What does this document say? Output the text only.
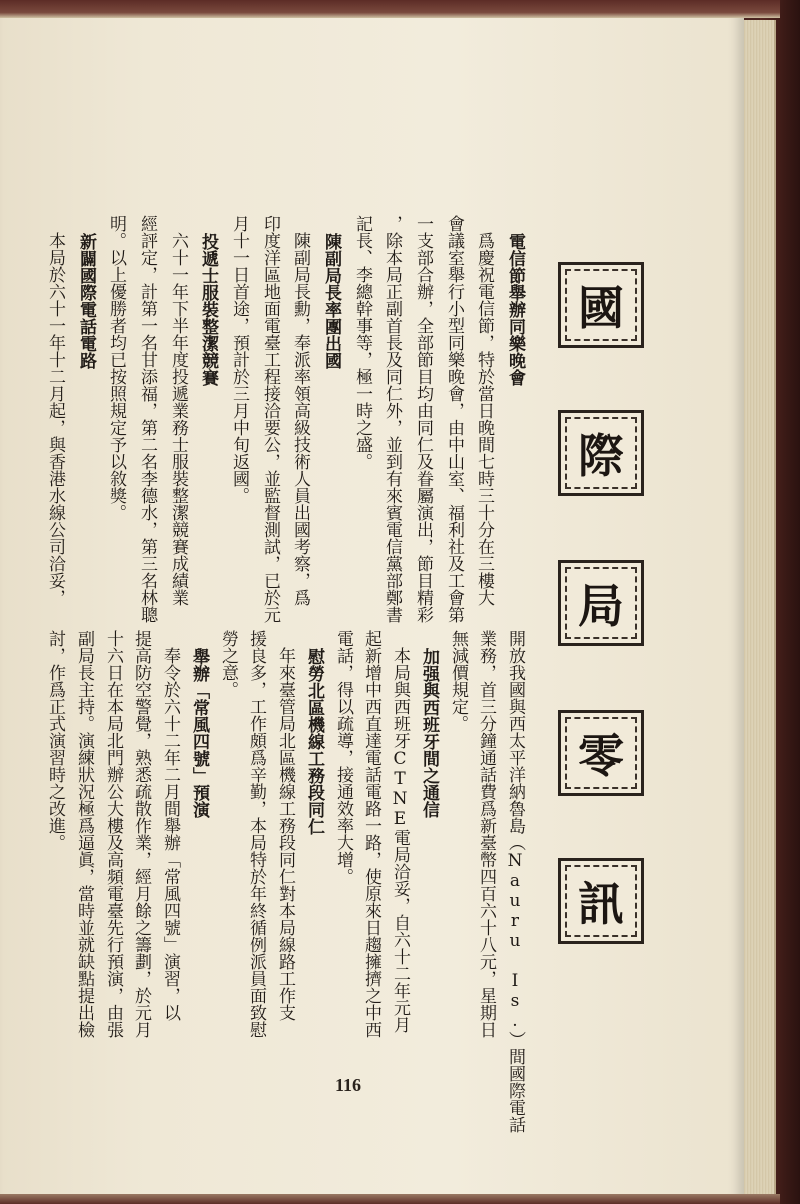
國
際
局
零
訊
電信節舉辦同樂晚會
　爲慶祝電信節，特於當日晚間七時三十分在三樓大
會議室舉行小型同樂晚會，由中山室、福利社及工會第
一支部合辦，全部節目均由同仁及眷屬演出，節目精彩
，除本局正副首長及同仁外，並到有來賓電信黨部鄭書
記長、李總幹事等，極一時之盛。
陳副局長率團出國
　陳副局長勳，奉派率領高級技術人員出國考察，爲
印度洋區地面電臺工程接洽要公，並監督測試，已於元
月十一日首途，預計於三月中旬返國。
投遞士服裝整潔競賽
　六十一年下半年度投遞業務士服裝整潔競賽成績業
經評定，計第一名甘添福，第二名李德水，第三名林聰
明。以上優勝者均已按照規定予以敘獎。
新闢國際電話電路
開放我國與西太平洋納魯島（Nauru Is.）間國際電話
業務，首三分鐘通話費爲新臺幣四百六十八元，星期日
無減價規定。
加强與西班牙間之通信
　本局與西班牙CTNE電局洽妥，自六十二年元月
起新增中西直達電話電路一路，使原來日趨擁擠之中西
電話，得以疏導，接通效率大增。
慰勞北區機線工務段同仁
　年來臺管局北區機線工務段同仁對本局線路工作支
援良多，工作頗爲辛勤，本局特於年終循例派員面致慰
勞之意。
舉辦「常風四號」預演
　奉令於六十二年二月間舉辦「常風四號」演習，以
提高防空警覺，熟悉疏散作業，經月餘之籌劃，於元月
116
　本局於六十一年十二月起，與香港水線公司洽妥，
十六日在本局北門辦公大樓及高頻電臺先行預演，由張
副局長主持。演練狀況極爲逼眞，當時並就缺點提出檢
討，作爲正式演習時之改進。
